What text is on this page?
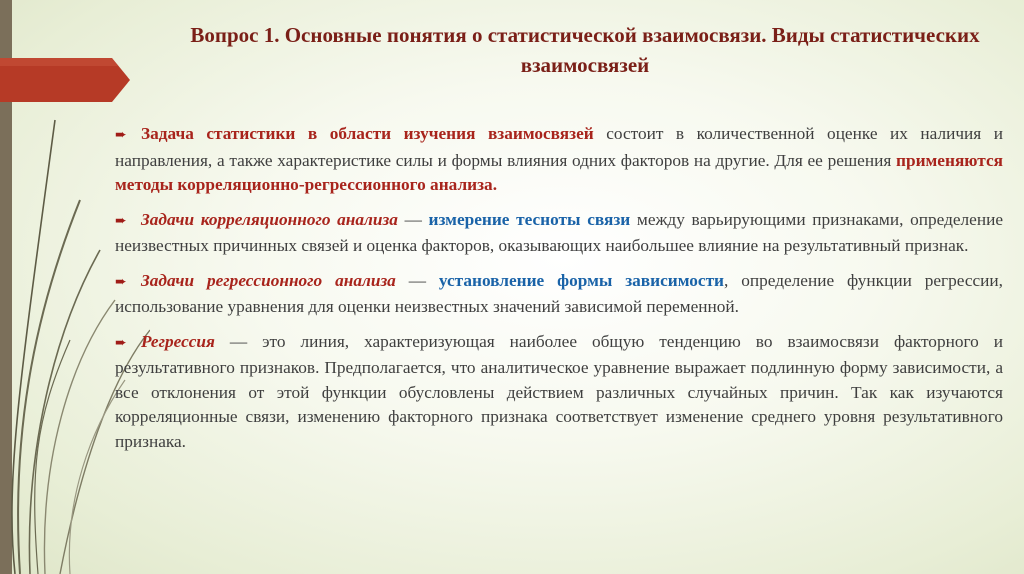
Вопрос 1. Основные понятия о статистической взаимосвязи. Виды статистических взаимосвязей

➨ Задача статистики в области изучения взаимосвязей состоит в количественной оценке их наличия и направления, а также характеристике силы и формы влияния одних факторов на другие. Для ее решения применяются методы корреляционно-регрессионного анализа.

➨ Задачи корреляционного анализа — измерение тесноты связи между варьирующими признаками, определение неизвестных причинных связей и оценка факторов, оказывающих наибольшее влияние на результативный признак.

➨ Задачи регрессионного анализа — установление формы зависимости, определение функции регрессии, использование уравнения для оценки неизвестных значений зависимой переменной.

➨ Регрессия — это линия, характеризующая наиболее общую тенденцию во взаимосвязи факторного и результативного признаков. Предполагается, что аналитическое уравнение выражает подлинную форму зависимости, а все отклонения от этой функции обусловлены действием различных случайных причин. Так как изучаются корреляционные связи, изменению факторного признака соответствует изменение среднего уровня результативного признака.
